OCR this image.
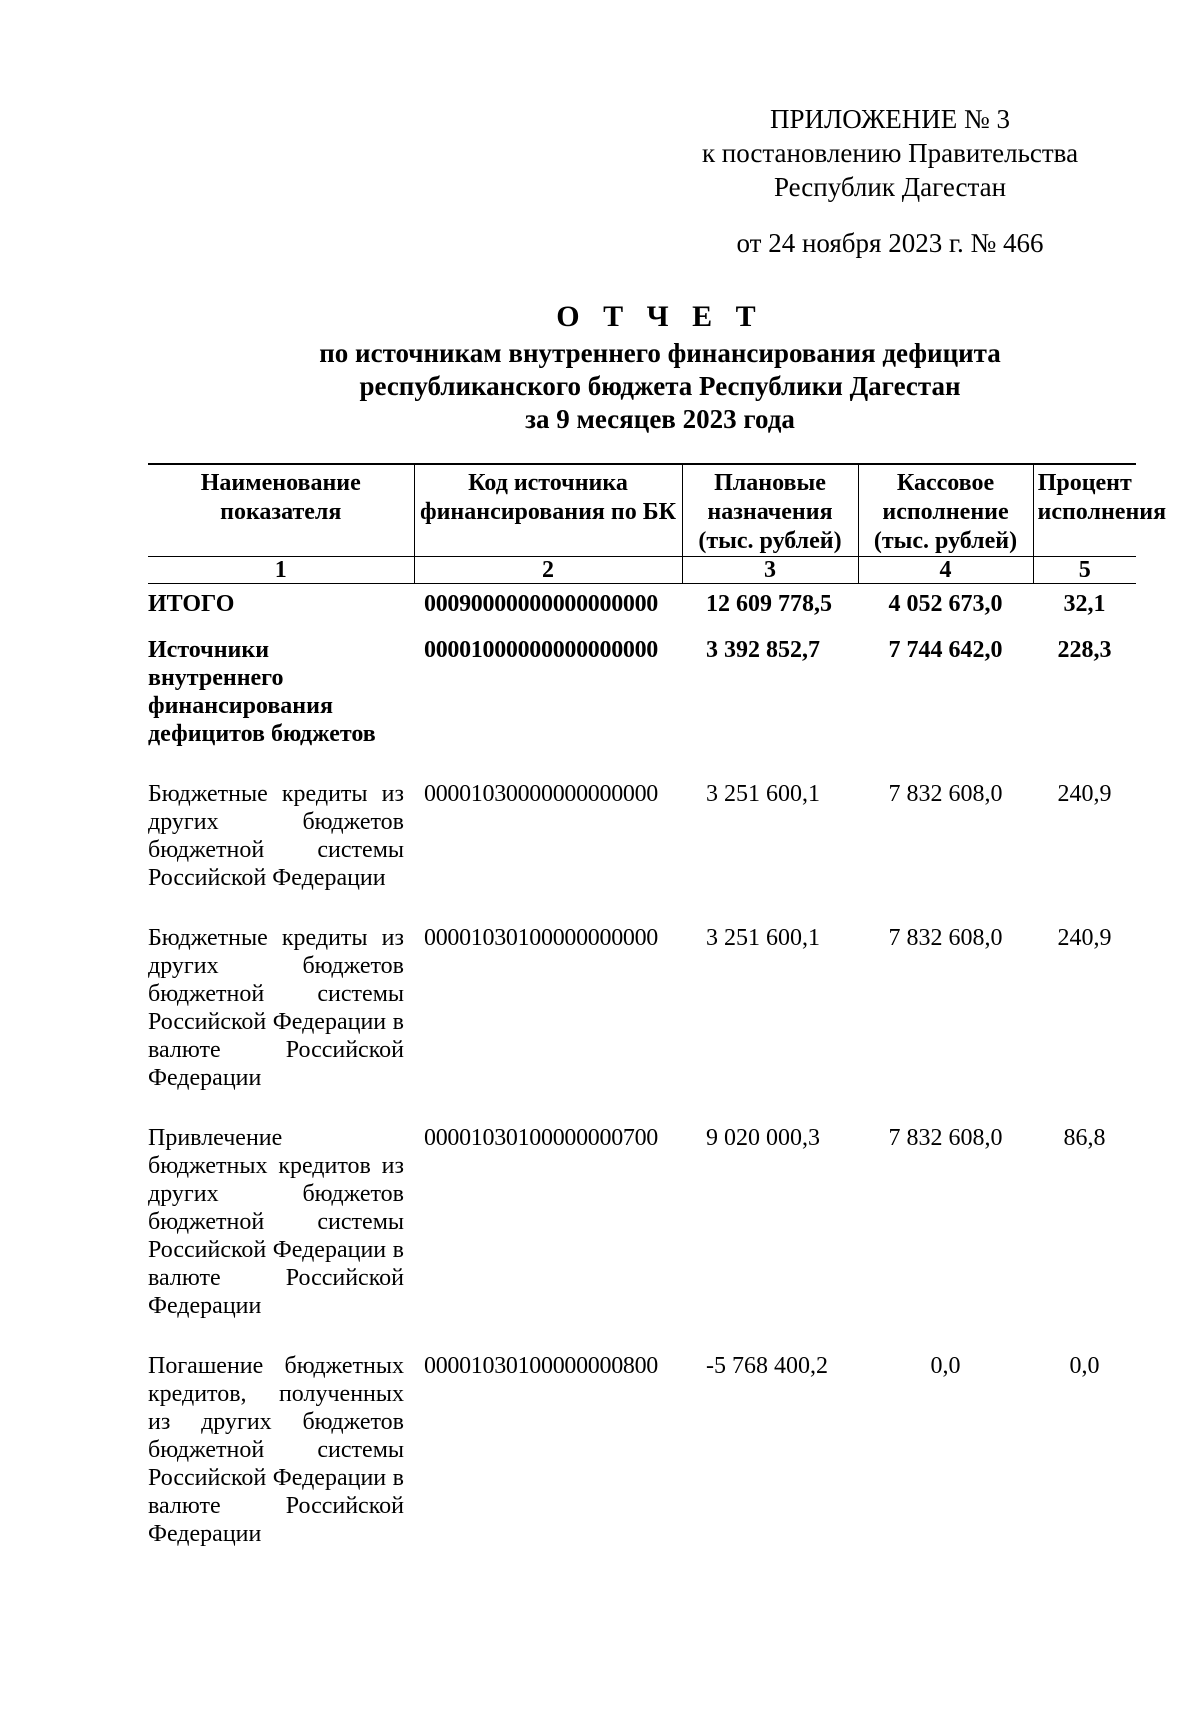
ПРИЛОЖЕНИЕ № 3
к постановлению Правительства
Республик Дагестан
от 24 ноября 2023 г. № 466
О Т Ч Е Т
по источникам внутреннего финансирования дефицита
республиканского бюджета Республики Дагестан
за 9 месяцев 2023 года
Наименование показателя	Код источника финансирования по БК	Плановые назначения (тыс. рублей)	Кассовое исполнение (тыс. рублей)	Процент исполнения
1	2	3	4	5
ИТОГО	00090000000000000000	12 609 778,5	4 052 673,0	32,1
Источники внутреннего финансирования дефицитов бюджетов	00001000000000000000	3 392 852,7	7 744 642,0	228,3
Бюджетные кредиты из других бюджетов бюджетной системы Российской Федерации	00001030000000000000	3 251 600,1	7 832 608,0	240,9
Бюджетные кредиты из других бюджетов бюджетной системы Российской Федерации в валюте Российской Федерации	00001030100000000000	3 251 600,1	7 832 608,0	240,9
Привлечение бюджетных кредитов из других бюджетов бюджетной системы Российской Федерации в валюте Российской Федерации	00001030100000000700	9 020 000,3	7 832 608,0	86,8
Погашение бюджетных кредитов, полученных из других бюджетов бюджетной системы Российской Федерации в валюте Российской Федерации	00001030100000000800	-5 768 400,2	0,0	0,0
